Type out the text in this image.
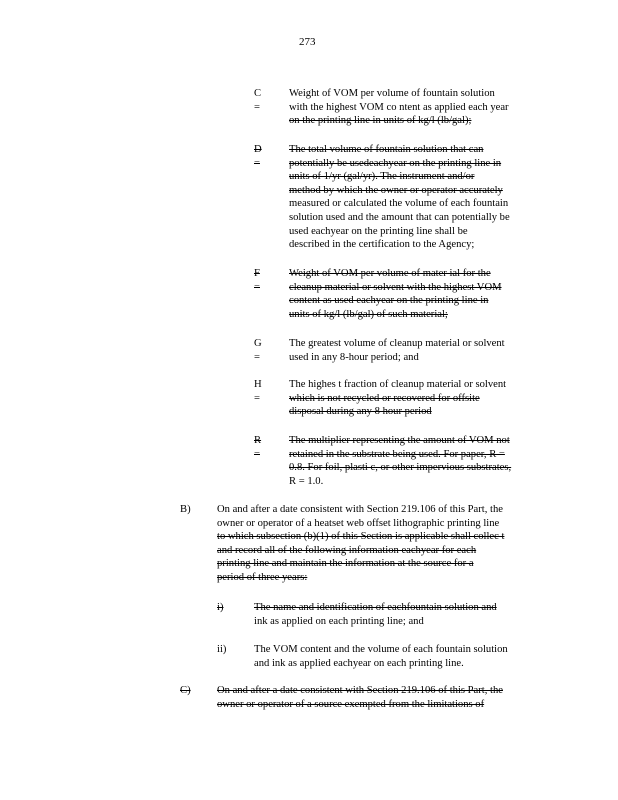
273
C =
Weight of VOM per volume of fountain solution
with the highest VOM co ntent as applied each year
on the printing line in units of kg/l (lb/gal);
D =
The total volume of fountain solution that can
potentially be usedeachyear on the printing line in
units of 1/yr (gal/yr). The instrument and/or
method by which the owner or operator accurately
measured or calculated the volume of each fountain
solution used and the amount that can potentially be
used eachyear on the printing line shall be
described in the certification to the Agency;
F =
Weight of VOM per volume of mater ial for the
cleanup material or solvent with the highest VOM
content as used eachyear on the printing line in
units of kg/l (lb/gal) of such material;
G =
The greatest volume of cleanup material or solvent
used in any 8-hour period; and
H =
The highes t fraction of cleanup material or solvent
which is not recycled or recovered for offsite
disposal during any 8 hour period
R =
The multiplier representing the amount of VOM not
retained in the substrate being used. For paper, R =
0.8. For foil, plasti c, or other impervious substrates,
R = 1.0.
B) On and after a date consistent with Section 219.106 of this Part, the
owner or operator of a heatset web offset lithographic printing line
to which subsection (b)(1) of this Section is applicable shall collec t
and record all of the following information eachyear for each
printing line and maintain the information at the source for a
period of three years:
i)	The name and identification of eachfountain solution and
ink as applied on each printing line; and
ii)	The VOM content and the volume of each fountain solution
and ink as applied eachyear on each printing line.
C) On and after a date consistent with Section 219.106 of this Part, the
owner or operator of a source exempted from the limitations of
